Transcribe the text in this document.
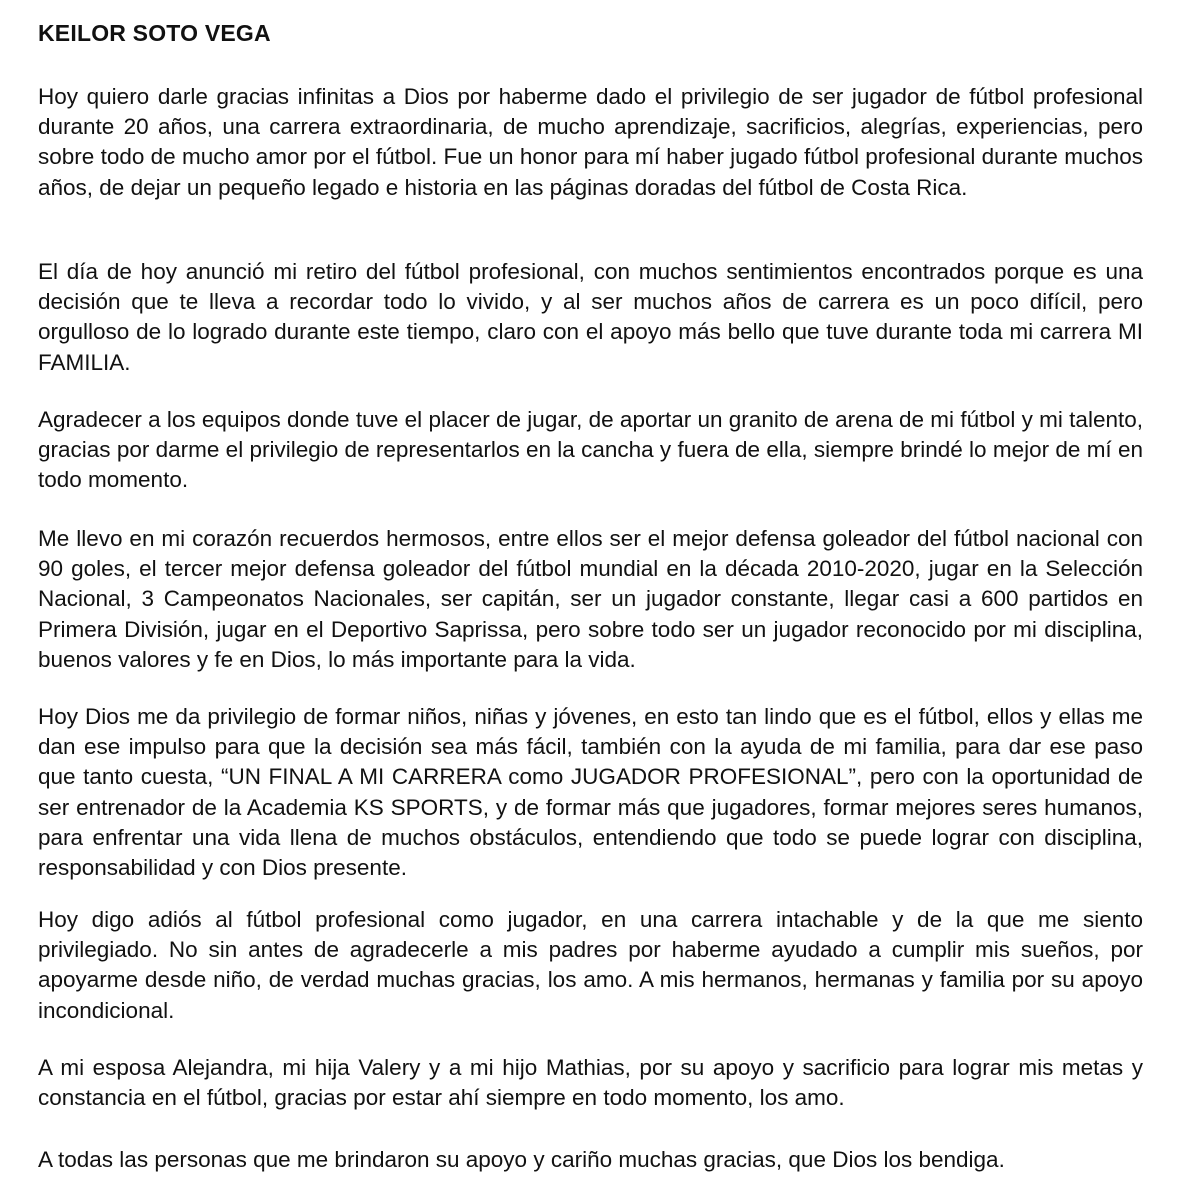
KEILOR SOTO VEGA

Hoy quiero darle gracias infinitas a Dios por haberme dado el privilegio de ser jugador de fútbol profesional durante 20 años, una carrera extraordinaria, de mucho aprendizaje, sacrificios, alegrías, experiencias, pero sobre todo de mucho amor por el fútbol. Fue un honor para mí haber jugado fútbol profesional durante muchos años, de dejar un pequeño legado e historia en las páginas doradas del fútbol de Costa Rica.

El día de hoy anunció mi retiro del fútbol profesional, con muchos sentimientos encontrados porque es una decisión que te lleva a recordar todo lo vivido, y al ser muchos años de carrera es un poco difícil, pero orgulloso de lo logrado durante este tiempo, claro con el apoyo más bello que tuve durante toda mi carrera MI FAMILIA.

Agradecer a los equipos donde tuve el placer de jugar, de aportar un granito de arena de mi fútbol y mi talento, gracias por darme el privilegio de representarlos en la cancha y fuera de ella, siempre brindé lo mejor de mí en todo momento.

Me llevo en mi corazón recuerdos hermosos, entre ellos ser el mejor defensa goleador del fútbol nacional con 90 goles, el tercer mejor defensa goleador del fútbol mundial en la década 2010-2020, jugar en la Selección Nacional, 3 Campeonatos Nacionales, ser capitán, ser un jugador constante, llegar casi a 600 partidos en Primera División, jugar en el Deportivo Saprissa, pero sobre todo ser un jugador reconocido por mi disciplina, buenos valores y fe en Dios, lo más importante para la vida.

Hoy Dios me da privilegio de formar niños, niñas y jóvenes, en esto tan lindo que es el fútbol, ellos y ellas me dan ese impulso para que la decisión sea más fácil, también con la ayuda de mi familia, para dar ese paso que tanto cuesta, “UN FINAL A MI CARRERA como JUGADOR PROFESIONAL”, pero con la oportunidad de ser entrenador de la Academia KS SPORTS, y de formar más que jugadores, formar mejores seres humanos, para enfrentar una vida llena de muchos obstáculos, entendiendo que todo se puede lograr con disciplina, responsabilidad y con Dios presente.

Hoy digo adiós al fútbol profesional como jugador, en una carrera intachable y de la que me siento privilegiado. No sin antes de agradecerle a mis padres por haberme ayudado a cumplir mis sueños, por apoyarme desde niño, de verdad muchas gracias, los amo. A mis hermanos, hermanas y familia por su apoyo incondicional.

A mi esposa Alejandra, mi hija Valery y a mi hijo Mathias, por su apoyo y sacrificio para lograr mis metas y constancia en el fútbol, gracias por estar ahí siempre en todo momento, los amo.

A todas las personas que me brindaron su apoyo y cariño muchas gracias, que Dios los bendiga.
